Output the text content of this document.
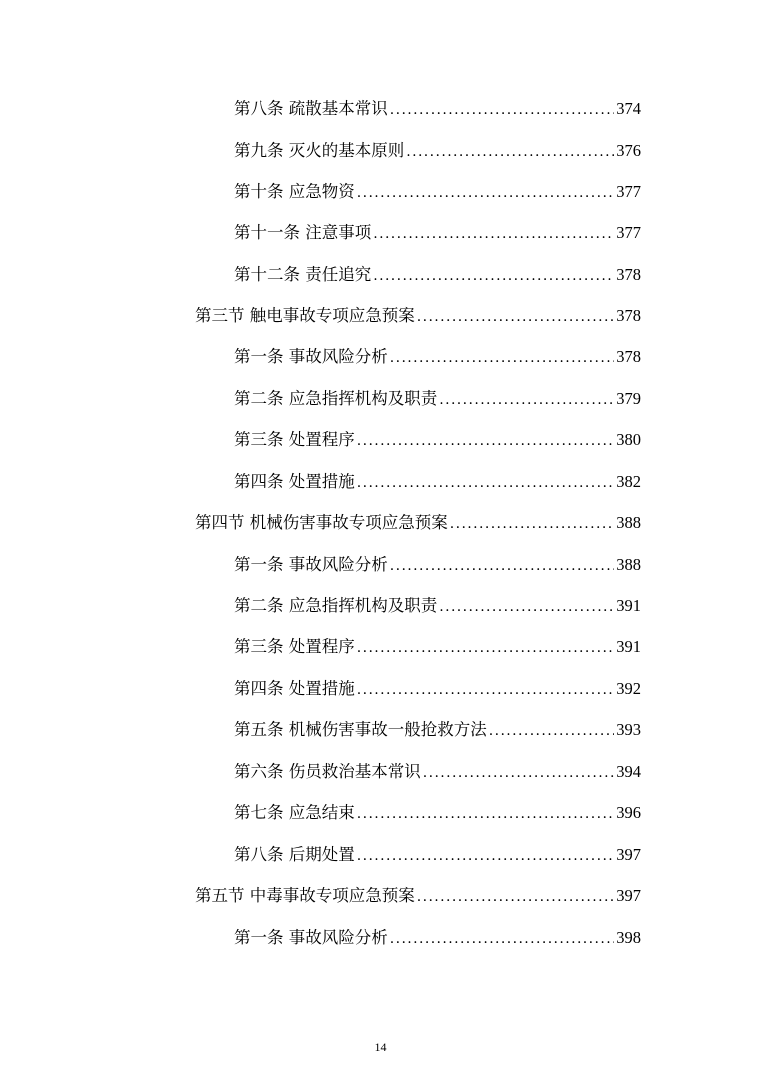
第八条 疏散基本常识 .....	374
第九条 灭火的基本原则 .....	376
第十条 应急物资 .....	377
第十一条 注意事项 .....	377
第十二条 责任追究 .....	378
第三节 触电事故专项应急预案 .....	378
第一条 事故风险分析 .....	378
第二条 应急指挥机构及职责 .....	379
第三条 处置程序 .....	380
第四条 处置措施 .....	382
第四节 机械伤害事故专项应急预案 .....	388
第一条 事故风险分析 .....	388
第二条 应急指挥机构及职责 .....	391
第三条 处置程序 .....	391
第四条 处置措施 .....	392
第五条 机械伤害事故一般抢救方法 .....	393
第六条 伤员救治基本常识 .....	394
第七条 应急结束 .....	396
第八条 后期处置 .....	397
第五节 中毒事故专项应急预案 .....	397
第一条 事故风险分析 .....	398
14
